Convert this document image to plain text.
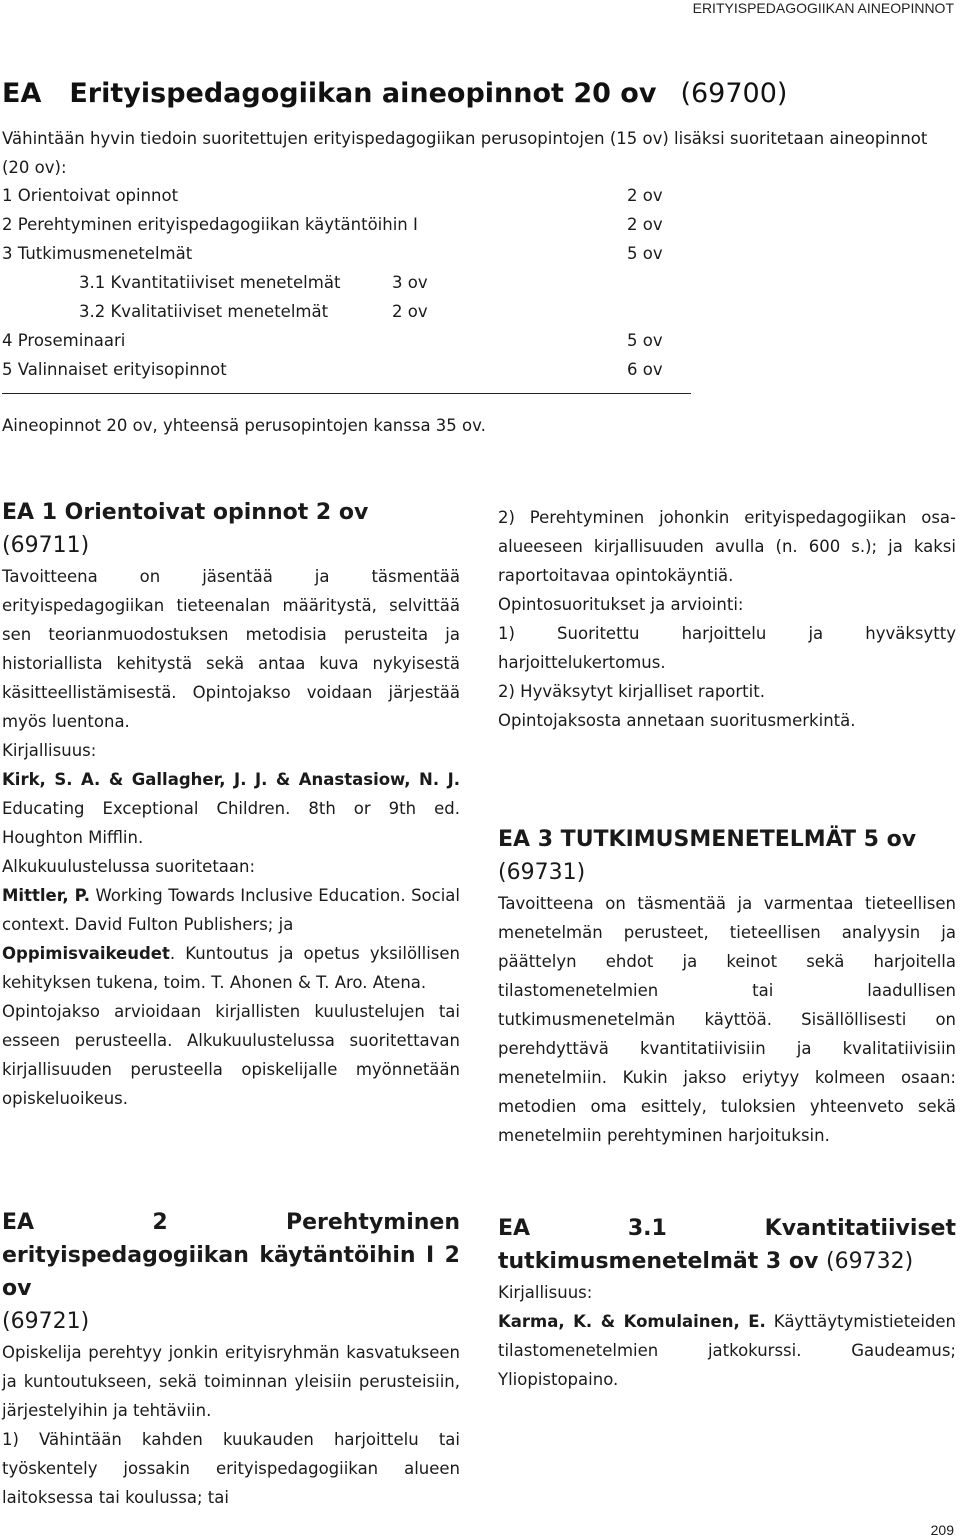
ERITYISPEDAGOGIIKAN AINEOPINNOT
EA Erityispedagogiikan aineopinnot 20 ov (69700)
Vähintään hyvin tiedoin suoritettujen erityispedagogiikan perusopintojen (15 ov) lisäksi suoritetaan aineopinnot (20 ov):
1 Orientoivat opinnot	2 ov
2 Perehtyminen erityispedagogiikan käytäntöihin I	2 ov
3 Tutkimusmenetelmät	5 ov
3.1 Kvantitatiiviset menetelmät	3 ov
3.2 Kvalitatiiviset menetelmät	2 ov
4 Proseminaari	5 ov
5 Valinnaiset erityisopinnot	6 ov
Aineopinnot 20 ov, yhteensä perusopintojen kanssa 35 ov.

EA 1 Orientoivat opinnot 2 ov

(69711)

Tavoitteena on jäsentää ja täsmentää erityispedagogiikan tieteenalan määritystä, selvittää sen teorianmuodostuksen metodisia perusteita ja historiallista kehitystä sekä antaa kuva nykyisestä käsitteellistämisestä. Opintojakso voidaan järjestää myös luentona.

Kirjallisuus:

Kirk, S. A. & Gallagher, J. J. & Anastasiow, N. J. Educating Exceptional Children. 8th or 9th ed. Houghton Mifflin.

Alkukuulustelussa suoritetaan:

Mittler, P. Working Towards Inclusive Education. Social context. David Fulton Publishers; ja

Oppimisvaikeudet. Kuntoutus ja opetus yksilöllisen kehityksen tukena, toim. T. Ahonen & T. Aro. Atena.

Opintojakso arvioidaan kirjallisten kuulustelujen tai esseen perusteella. Alkukuulustelussa suoritettavan kirjallisuuden perusteella opiskelijalle myönnetään opiskeluoikeus.

EA 2 Perehtyminen erityispedagogiikan käytäntöihin I 2 ov

(69721)

Opiskelija perehtyy jonkin erityisryhmän kasvatukseen ja kuntoutukseen, sekä toiminnan yleisiin perusteisiin, järjestelyihin ja tehtäviin.

1) Vähintään kahden kuukauden harjoittelu tai työskentely jossakin erityispedagogiikan alueen laitoksessa tai koulussa; tai

2) Perehtyminen johonkin erityispedagogiikan osa-alueeseen kirjallisuuden avulla (n. 600 s.); ja kaksi raportoitavaa opintokäyntiä.

Opintosuoritukset ja arviointi:

1) Suoritettu harjoittelu ja hyväksytty harjoittelukertomus.

2) Hyväksytyt kirjalliset raportit.

Opintojaksosta annetaan suoritusmerkintä.

EA 3 TUTKIMUSMENETELMÄT 5 ov

(69731)

Tavoitteena on täsmentää ja varmentaa tieteellisen menetelmän perusteet, tieteellisen analyysin ja päättelyn ehdot ja keinot sekä harjoitella tilastomenetelmien tai laadullisen tutkimusmenetelmän käyttöä. Sisällöllisesti on perehdyttävä kvantitatiivisiin ja kvalitatiivisiin menetelmiin. Kukin jakso eriytyy kolmeen osaan: metodien oma esittely, tuloksien yhteenveto sekä menetelmiin perehtyminen harjoituksin.

EA 3.1 Kvantitatiiviset tutkimusmenetelmät 3 ov (69732)

Kirjallisuus:

Karma, K. & Komulainen, E. Käyttäytymistieteiden tilastomenetelmien jatkokurssi. Gaudeamus; Yliopistopaino.

209
